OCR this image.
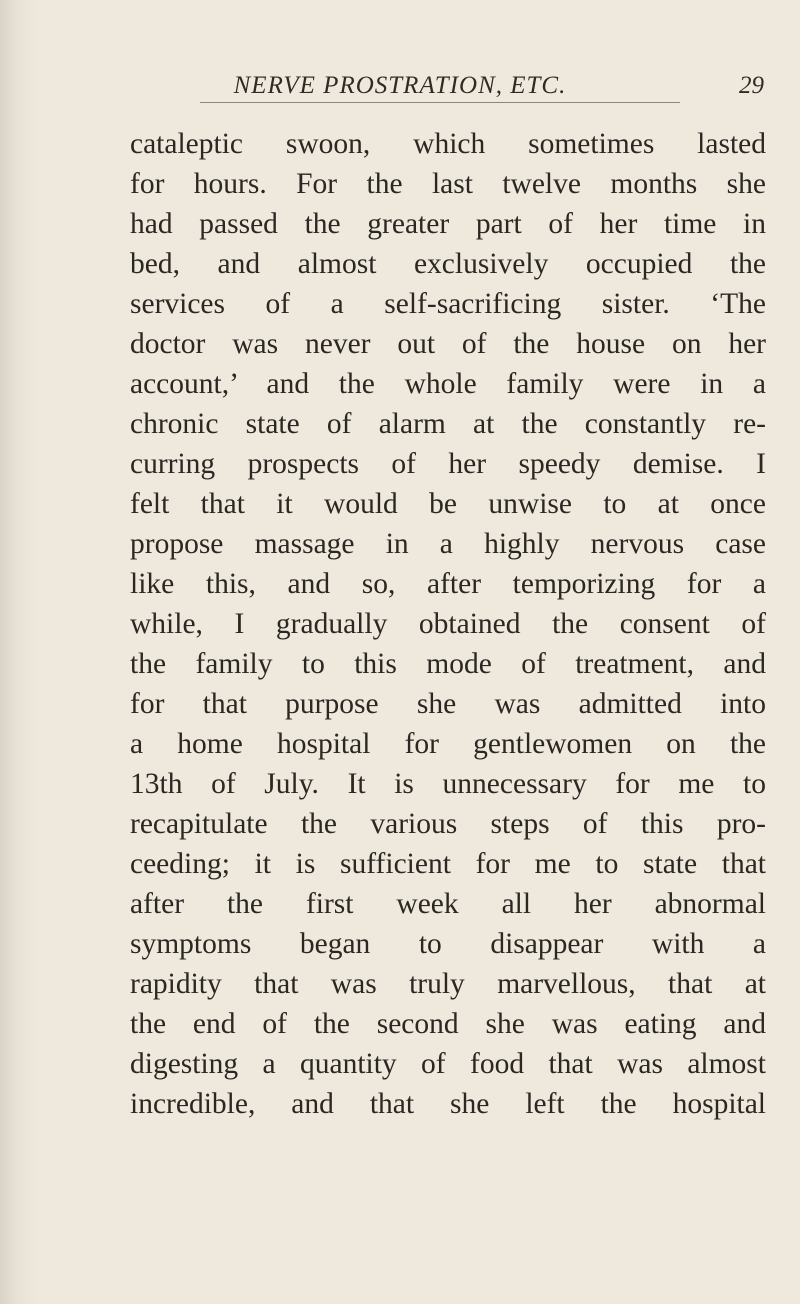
NERVE PROSTRATION, ETC.	29
cataleptic swoon, which sometimes lasted
for hours. For the last twelve months she
had passed the greater part of her time in
bed, and almost exclusively occupied the
services of a self-sacrificing sister. ‘The
doctor was never out of the house on her
account,’ and the whole family were in a
chronic state of alarm at the constantly re-
curring prospects of her speedy demise. I
felt that it would be unwise to at once
propose massage in a highly nervous case
like this, and so, after temporizing for a
while, I gradually obtained the consent of
the family to this mode of treatment, and
for that purpose she was admitted into
a home hospital for gentlewomen on the
13th of July. It is unnecessary for me to
recapitulate the various steps of this pro-
ceeding; it is sufficient for me to state that
after the first week all her abnormal
symptoms began to disappear with a
rapidity that was truly marvellous, that at
the end of the second she was eating and
digesting a quantity of food that was almost
incredible, and that she left the hospital
